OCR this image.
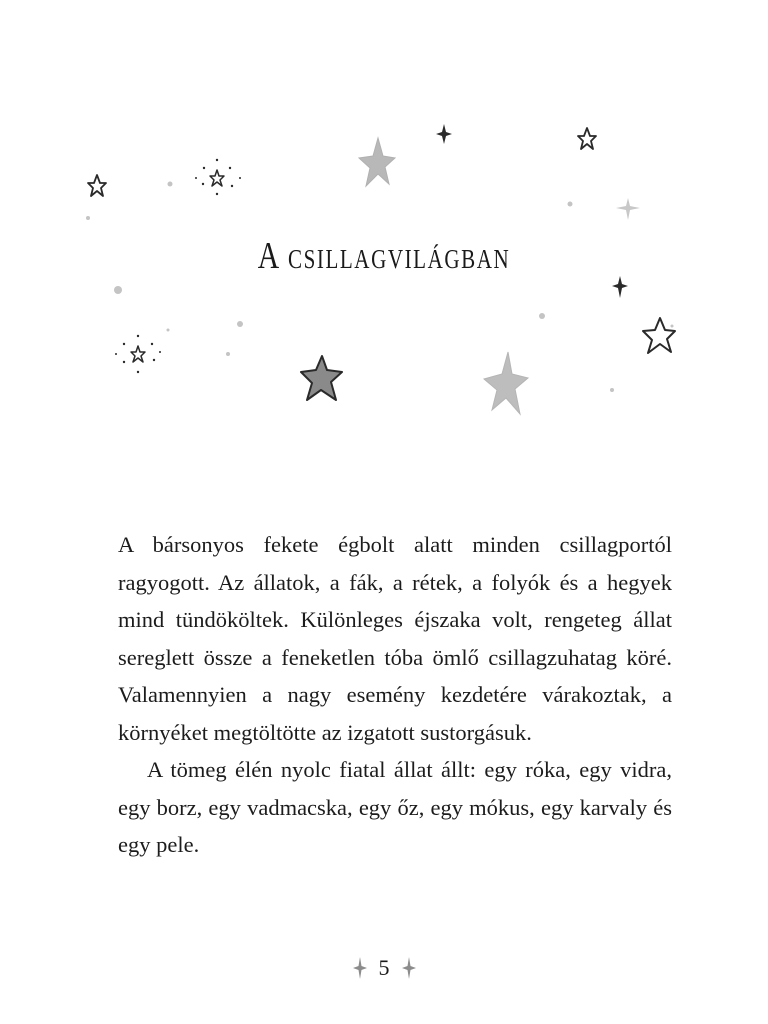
A csillagvilágban

A bársonyos fekete égbolt alatt minden csillagportól ragyogott. Az állatok, a fák, a rétek, a folyók és a hegyek mind tündököltek. Különleges éjszaka volt, rengeteg állat sereglett össze a feneketlen tóba ömlő csillagzuhatag köré. Valamennyien a nagy esemény kezdetére várakoztak, a környéket megtöltötte az izgatott sustorgásuk.

A tömeg élén nyolc fiatal állat állt: egy róka, egy vidra, egy borz, egy vadmacska, egy őz, egy mókus, egy karvaly és egy pele.

5
